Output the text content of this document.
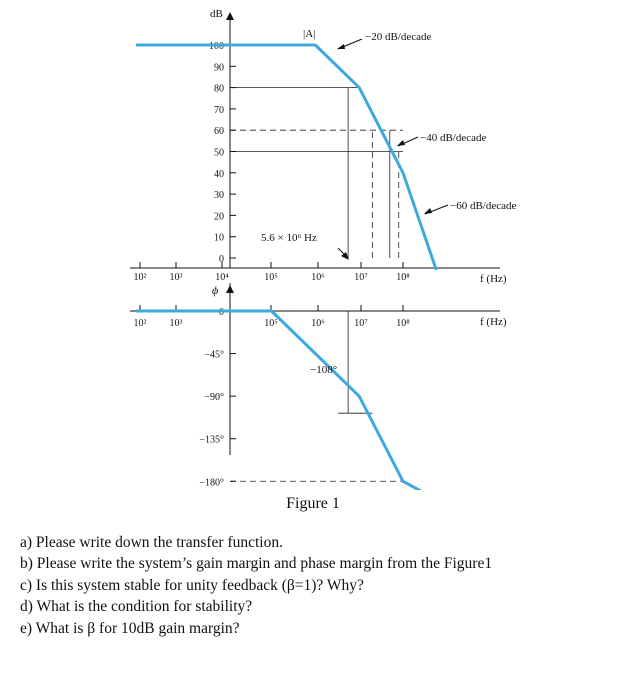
dB
f (Hz)
|A|
100
90
80
70
60
50
40
30
20
10
0
10² 10³	10⁴	10⁵	10⁶	10⁷	10⁸
−20 dB/decade
−40 dB/decade
−60 dB/decade
5.6 × 10⁶ Hz
ϕ
f (Hz)
0
−45°
−90°
−135°
−180°
10² 10³	10⁵	10⁶	10⁷	10⁸
−108°
Figure 1
a) Please write down the transfer function.
b) Please write the system’s gain margin and phase margin from the Figure1
c) Is this system stable for unity feedback (β=1)? Why?
d) What is the condition for stability?
e) What is β for 10dB gain margin?
